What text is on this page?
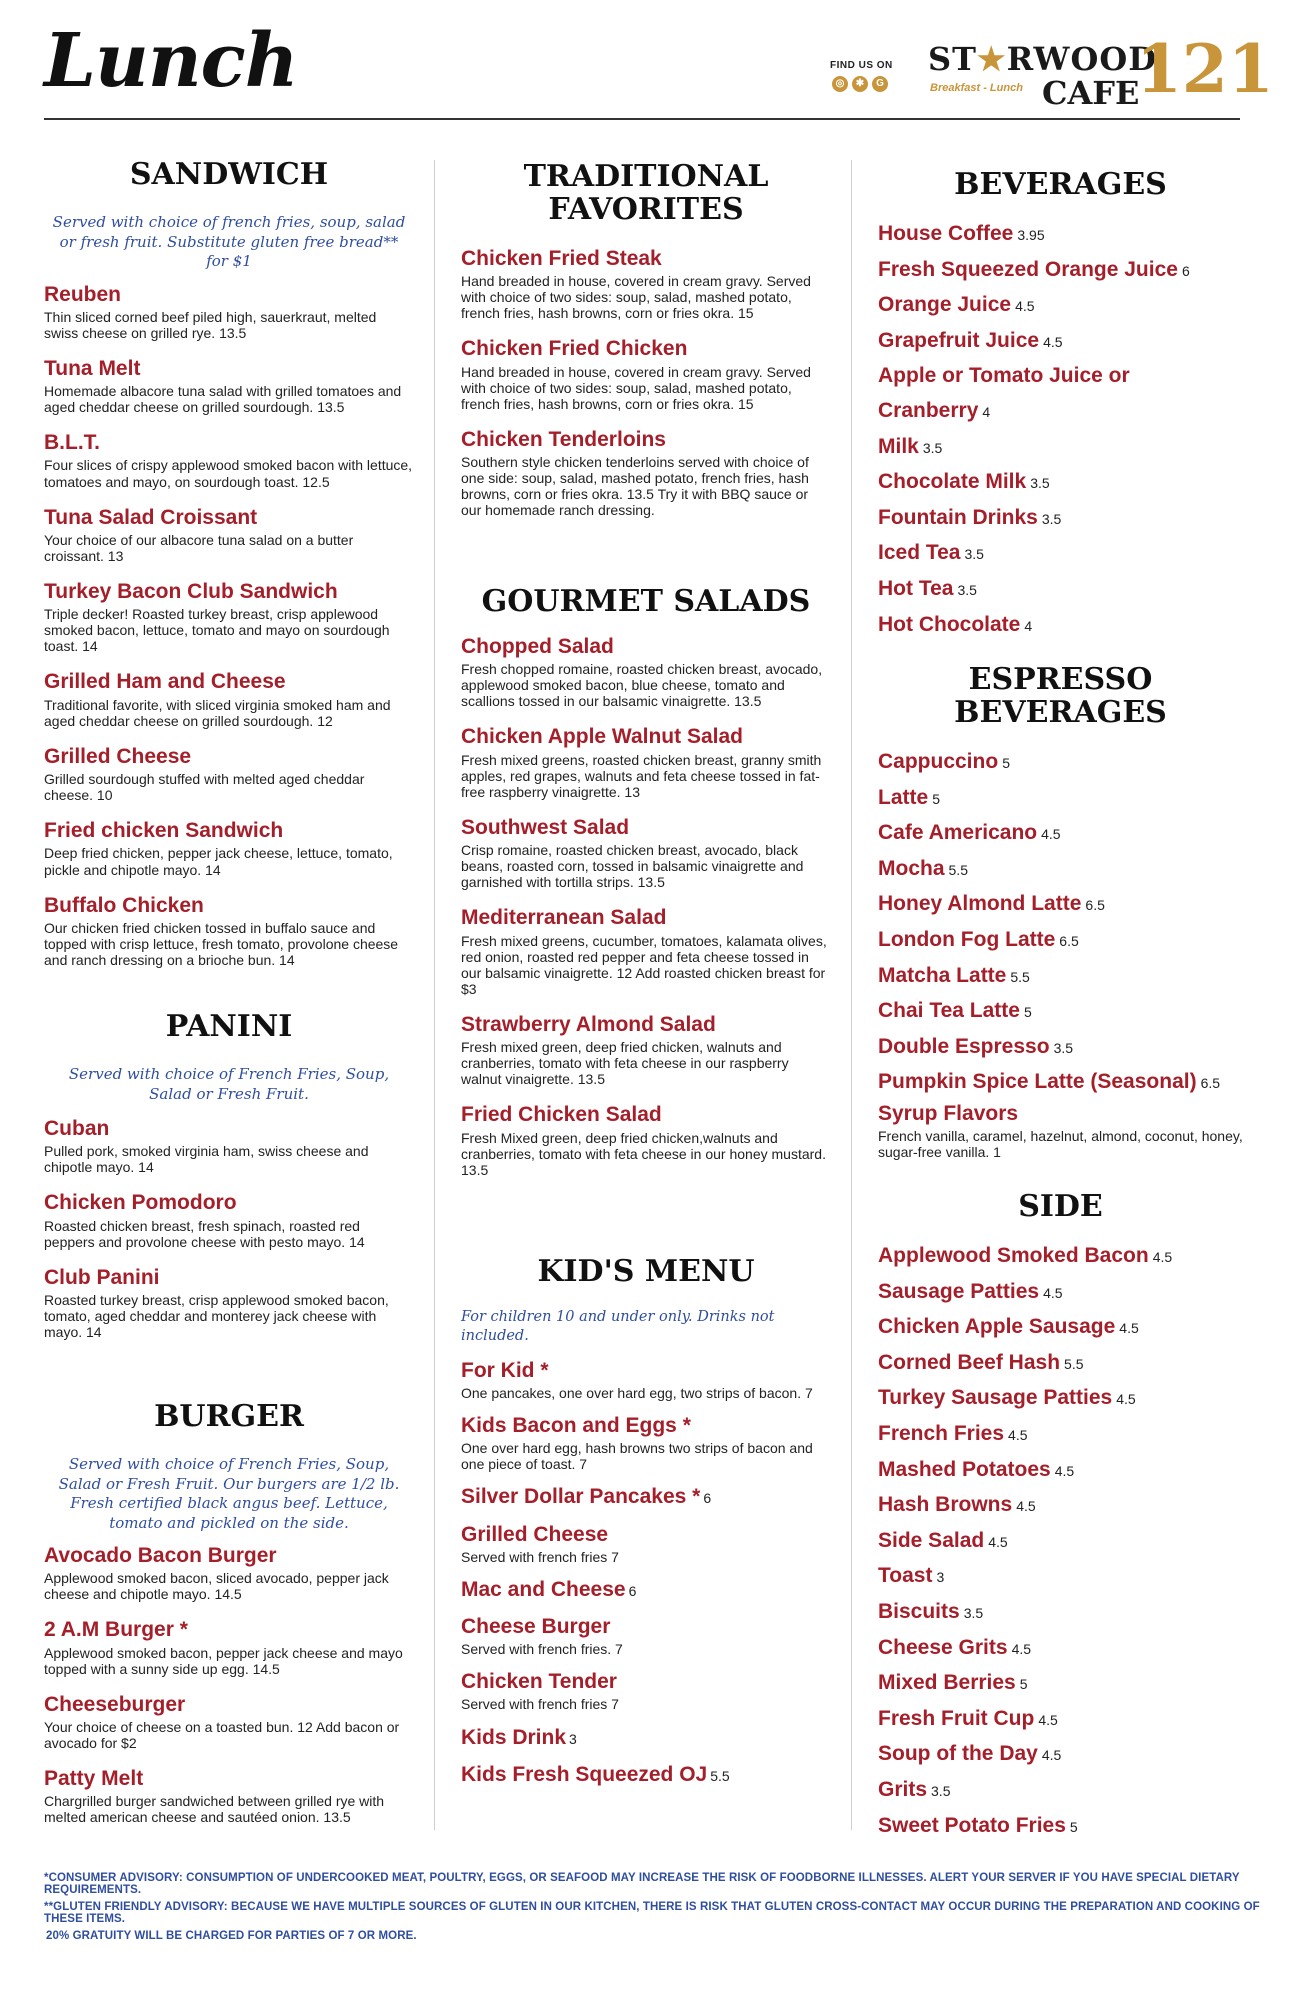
Lunch	FIND US ON
◎	✱	G
ST★RWOOD
Breakfast - Lunch CAFE
121
SANDWICH
Served with choice of french fries, soup, salad or fresh fruit. Substitute gluten free bread** for $1
Reuben
Thin sliced corned beef piled high, sauerkraut, melted swiss cheese on grilled rye. 13.5
Tuna Melt
Homemade albacore tuna salad with grilled tomatoes and aged cheddar cheese on grilled sourdough. 13.5
B.L.T.
Four slices of crispy applewood smoked bacon with lettuce, tomatoes and mayo, on sourdough toast. 12.5
Tuna Salad Croissant
Your choice of our albacore tuna salad on a butter croissant. 13
Turkey Bacon Club Sandwich
Triple decker! Roasted turkey breast, crisp applewood smoked bacon, lettuce, tomato and mayo on sourdough toast. 14
Grilled Ham and Cheese
Traditional favorite, with sliced virginia smoked ham and aged cheddar cheese on grilled sourdough. 12
Grilled Cheese
Grilled sourdough stuffed with melted aged cheddar cheese. 10
Fried chicken Sandwich
Deep fried chicken, pepper jack cheese, lettuce, tomato, pickle and chipotle mayo. 14
Buffalo Chicken
Our chicken fried chicken tossed in buffalo sauce and topped with crisp lettuce, fresh tomato, provolone cheese and ranch dressing on a brioche bun. 14
PANINI
Served with choice of French Fries, Soup, Salad or Fresh Fruit.
Cuban
Pulled pork, smoked virginia ham, swiss cheese and chipotle mayo. 14
Chicken Pomodoro
Roasted chicken breast, fresh spinach, roasted red peppers and provolone cheese with pesto mayo. 14
Club Panini
Roasted turkey breast, crisp applewood smoked bacon, tomato, aged cheddar and monterey jack cheese with mayo. 14
BURGER
Served with choice of French Fries, Soup, Salad or Fresh Fruit. Our burgers are 1/2 lb. Fresh certified black angus beef. Lettuce, tomato and pickled on the side.
Avocado Bacon Burger
Applewood smoked bacon, sliced avocado, pepper jack cheese and chipotle mayo. 14.5
2 A.M Burger *
Applewood smoked bacon, pepper jack cheese and mayo topped with a sunny side up egg. 14.5
Cheeseburger
Your choice of cheese on a toasted bun. 12 Add bacon or avocado for $2
Patty Melt
Chargrilled burger sandwiched between grilled rye with melted american cheese and sautéed onion. 13.5
TRADITIONAL FAVORITES
Chicken Fried Steak
Hand breaded in house, covered in cream gravy. Served with choice of two sides: soup, salad, mashed potato, french fries, hash browns, corn or fries okra. 15
Chicken Fried Chicken
Hand breaded in house, covered in cream gravy. Served with choice of two sides: soup, salad, mashed potato, french fries, hash browns, corn or fries okra. 15
Chicken Tenderloins
Southern style chicken tenderloins served with choice of one side: soup, salad, mashed potato, french fries, hash browns, corn or fries okra. 13.5 Try it with BBQ sauce or our homemade ranch dressing.
GOURMET SALADS
Chopped Salad
Fresh chopped romaine, roasted chicken breast, avocado, applewood smoked bacon, blue cheese, tomato and scallions tossed in our balsamic vinaigrette. 13.5
Chicken Apple Walnut Salad
Fresh mixed greens, roasted chicken breast, granny smith apples, red grapes, walnuts and feta cheese tossed in fat-free raspberry vinaigrette. 13
Southwest Salad
Crisp romaine, roasted chicken breast, avocado, black beans, roasted corn, tossed in balsamic vinaigrette and garnished with tortilla strips. 13.5
Mediterranean Salad
Fresh mixed greens, cucumber, tomatoes, kalamata olives, red onion, roasted red pepper and feta cheese tossed in our balsamic vinaigrette. 12 Add roasted chicken breast for $3
Strawberry Almond Salad
Fresh mixed green, deep fried chicken, walnuts and cranberries, tomato with feta cheese in our raspberry walnut vinaigrette. 13.5
Fried Chicken Salad
Fresh Mixed green, deep fried chicken,walnuts and cranberries, tomato with feta cheese in our honey mustard. 13.5
KID'S MENU
For children 10 and under only. Drinks not included.
For Kid *
One pancakes, one over hard egg, two strips of bacon. 7
Kids Bacon and Eggs *
One over hard egg, hash browns two strips of bacon and one piece of toast. 7
Silver Dollar Pancakes * 6
Grilled Cheese
Served with french fries 7
Mac and Cheese 6
Cheese Burger
Served with french fries. 7
Chicken Tender
Served with french fries 7
Kids Drink 3
Kids Fresh Squeezed OJ 5.5
BEVERAGES
House Coffee 3.95
Fresh Squeezed Orange Juice 6
Orange Juice 4.5
Grapefruit Juice 4.5
Apple or Tomato Juice or Cranberry 4
Milk 3.5
Chocolate Milk 3.5
Fountain Drinks 3.5
Iced Tea 3.5
Hot Tea 3.5
Hot Chocolate 4
ESPRESSO BEVERAGES
Cappuccino 5
Latte 5
Cafe Americano 4.5
Mocha 5.5
Honey Almond Latte 6.5
London Fog Latte 6.5
Matcha Latte 5.5
Chai Tea Latte 5
Double Espresso 3.5
Pumpkin Spice Latte (Seasonal) 6.5
Syrup Flavors
French vanilla, caramel, hazelnut, almond, coconut, honey, sugar-free vanilla. 1
SIDE
Applewood Smoked Bacon 4.5
Sausage Patties 4.5
Chicken Apple Sausage 4.5
Corned Beef Hash 5.5
Turkey Sausage Patties 4.5
French Fries 4.5
Mashed Potatoes 4.5
Hash Browns 4.5
Side Salad 4.5
Toast 3
Biscuits 3.5
Cheese Grits 4.5
Mixed Berries 5
Fresh Fruit Cup 4.5
Soup of the Day 4.5
Grits 3.5
Sweet Potato Fries 5
*CONSUMER ADVISORY: CONSUMPTION OF UNDERCOOKED MEAT, POULTRY, EGGS, OR SEAFOOD MAY INCREASE THE RISK OF FOODBORNE ILLNESSES. ALERT YOUR SERVER IF YOU HAVE SPECIAL DIETARY REQUIREMENTS.
**GLUTEN FRIENDLY ADVISORY: BECAUSE WE HAVE MULTIPLE SOURCES OF GLUTEN IN OUR KITCHEN, THERE IS RISK THAT GLUTEN CROSS-CONTACT MAY OCCUR DURING THE PREPARATION AND COOKING OF THESE ITEMS.
20% GRATUITY WILL BE CHARGED FOR PARTIES OF 7 OR MORE.
